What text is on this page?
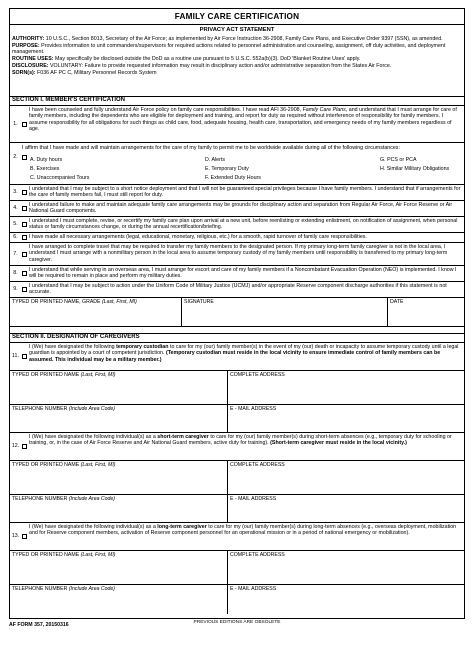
FAMILY CARE CERTIFICATION
PRIVACY ACT STATEMENT

AUTHORITY: 10 U.S.C., Section 8013, Secretary of the Air Force; as implemented by Air Force Instruction 36-2908, Family Care Plans, and Executive Order 9397 (SSN), as amended.

PURPOSE: Provides information to unit commanders/supervisors for required actions related to personnel administration and counseling, assignment, off duty activities, and deployment management.

ROUTINE USES: May specifically be disclosed outside the DoD as a routine use pursuant to 5 U.S.C. 552a(b)(3). DoD 'Blanket Routine Uses' apply.

DISCLOSURE: VOLUNTARY: Failure to provide requested information may result in disciplinary action and/or administrative separation from the States Air Force.

SORN(s): F036 AF PC C, Military Personnel Records System

SECTION I. MEMBER'S CERTIFICATION
1.
I have been counseled and fully understand Air Force policy on family care responsibilities. I have read AFI 36-2908, Family Care Plans, and understand that I must arrange for care of family members, including the dependents who are eligible for deployment and training, and report for duty as required without interference of responsibility for family members. I assume responsibility for all obligations for such things as child care, food, adequate housing, health care, transportation, and emergency needs of my family members regardless of age.
I affirm that I have made and will maintain arrangements for the care of my family to permit me to be worldwide available during all of the following circumstances:
2.	A. Duty hours	D. Alerts	G. PCS or PCA
B. Exercises	E. Temporary Duty	H. Similar Military Obligations
C. Unaccompanied Tours	F. Extended Duty Hours
3.
I understand that I may be subject to a short notice deployment and that I will not be guaranteed special privileges because I have family members. I understand that if arrangements for the care of family members fail, I must still report for duty.
4.
I understand failure to make and maintain adequate family care arrangements may be grounds for disciplinary action and separation from Regular Air Force, Air Force Reserve or Air National Guard components.
5.
I understand I must complete, revise, or recertify my family care plan upon arrival at a new unit, before reenlisting or extending enlistment, on notification of assignment, when personal status or family circumstances change, or during the annual recertification/briefing.
6.	I have made all necessary arrangements (legal, educational, monetary, religious, etc.) for a smooth, rapid turnover of family care responsibilities.
7.
I have arranged to complete travel that may be required to transfer my family members to the designated person. If my primary long-term family caregiver is not in the local area, I understand I must arrange with a nonmilitary person in the local area to assume temporary custody of my family members until responsibility is transferred to my primary long-term caregiver.
8.
I understand that while serving in an overseas area, I must arrange for escort and care of my family members if a Noncombatant Evacuation Operation (NEO) is implemented. I know I will be required to remain in place and perform my military duties.
9.
I understand that I may be subject to action under the Uniform Code of Military Justice (UCMJ) and/or appropriate Reserve component discharge authorities if this statement is not accurate.
TYPED OR PRINTED NAME, GRADE (Last, First, MI)	SIGNATURE	DATE
SECTION II. DESIGNATION OF CAREGIVERS
11.
I (We) have designated the following temporary custodian to care for my (our) family member(s) in the event of my (our) death or incapacity to assume temporary custody until a legal guardian is appointed by a court of competent jurisdiction. (Temporary custodian must reside in the local vicinity to ensure immediate control of family members can be assumed. This individual may be a military member.)
TYPED OR PRINTED NAME (Last, First, MI)	COMPLETE ADDRESS
TELEPHONE NUMBER (Include Area Code)	E - MAIL ADDRESS
12.
I (We) have designated the following individual(s) as a short-term caregiver to care for my (our) family member(s) during short-term absences (e.g., temporary duty for schooling or training, or, in the case of Air Force Reserve and Air National Guard members, active duty for training). (Short-term caregiver must reside in the local vicinity.)
TYPED OR PRINTED NAME (Last, First, MI)	COMPLETE ADDRESS
TELEPHONE NUMBER (Include Area Code)	E - MAIL ADDRESS
13.
I (We) have designated the following individual(s) as a long-term caregiver to care for my (our) family member(s) during long-term absences (e.g., overseas deployment, mobilization and for Reserve component members, activation of Reserve component personnel for an operational mission or in a period of national emergency or mobilization).
TYPED OR PRINTED NAME (Last, First, MI)	COMPLETE ADDRESS
TELEPHONE NUMBER (Include Area Code)	E - MAIL ADDRESS
AF FORM 357, 20150316	PREVIOUS EDITIONS ARE OBSOLETE
